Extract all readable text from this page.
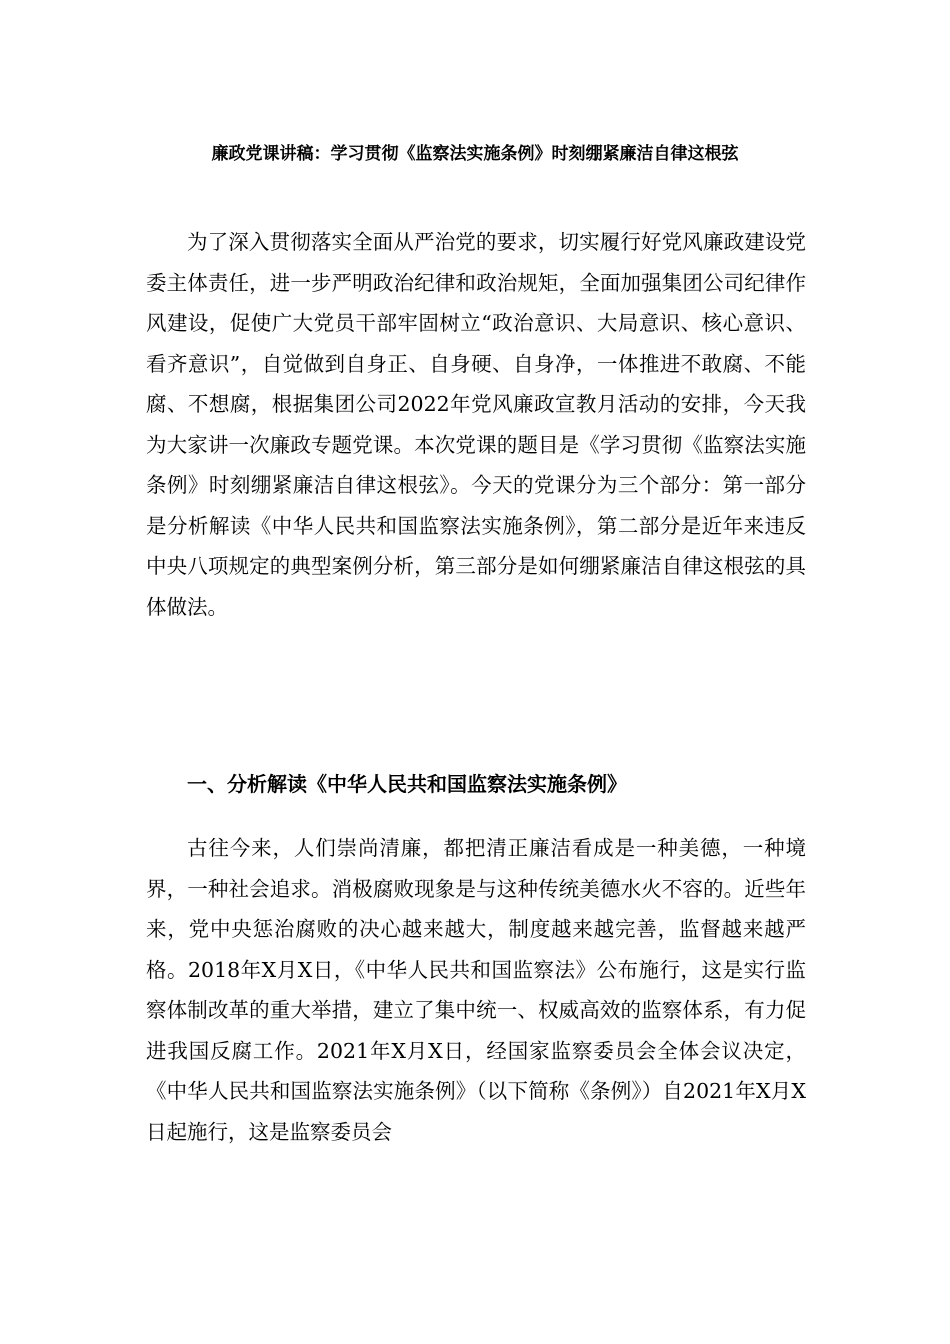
廉政党课讲稿：学习贯彻《监察法实施条例》时刻绷紧廉洁自律这根弦

为了深入贯彻落实全面从严治党的要求，切实履行好党风廉政建设党委主体责任，进一步严明政治纪律和政治规矩，全面加强集团公司纪律作风建设，促使广大党员干部牢固树立“政治意识、大局意识、核心意识、看齐意识”，自觉做到自身正、自身硬、自身净，一体推进不敢腐、不能腐、不想腐，根据集团公司2022年党风廉政宣教月活动的安排，今天我为大家讲一次廉政专题党课。本次党课的题目是《学习贯彻《监察法实施条例》时刻绷紧廉洁自律这根弦》。今天的党课分为三个部分：第一部分是分析解读《中华人民共和国监察法实施条例》，第二部分是近年来违反中央八项规定的典型案例分析，第三部分是如何绷紧廉洁自律这根弦的具体做法。

一、分析解读《中华人民共和国监察法实施条例》

古往今来，人们崇尚清廉，都把清正廉洁看成是一种美德，一种境界，一种社会追求。消极腐败现象是与这种传统美德水火不容的。近些年来，党中央惩治腐败的决心越来越大，制度越来越完善，监督越来越严格。2018年X月X日，《中华人民共和国监察法》公布施行，这是实行监察体制改革的重大举措，建立了集中统一、权威高效的监察体系，有力促进我国反腐工作。2021年X月X日，经国家监察委员会全体会议决定，《中华人民共和国监察法实施条例》（以下简称《条例》）自2021年X月X日起施行，这是监察委员会
